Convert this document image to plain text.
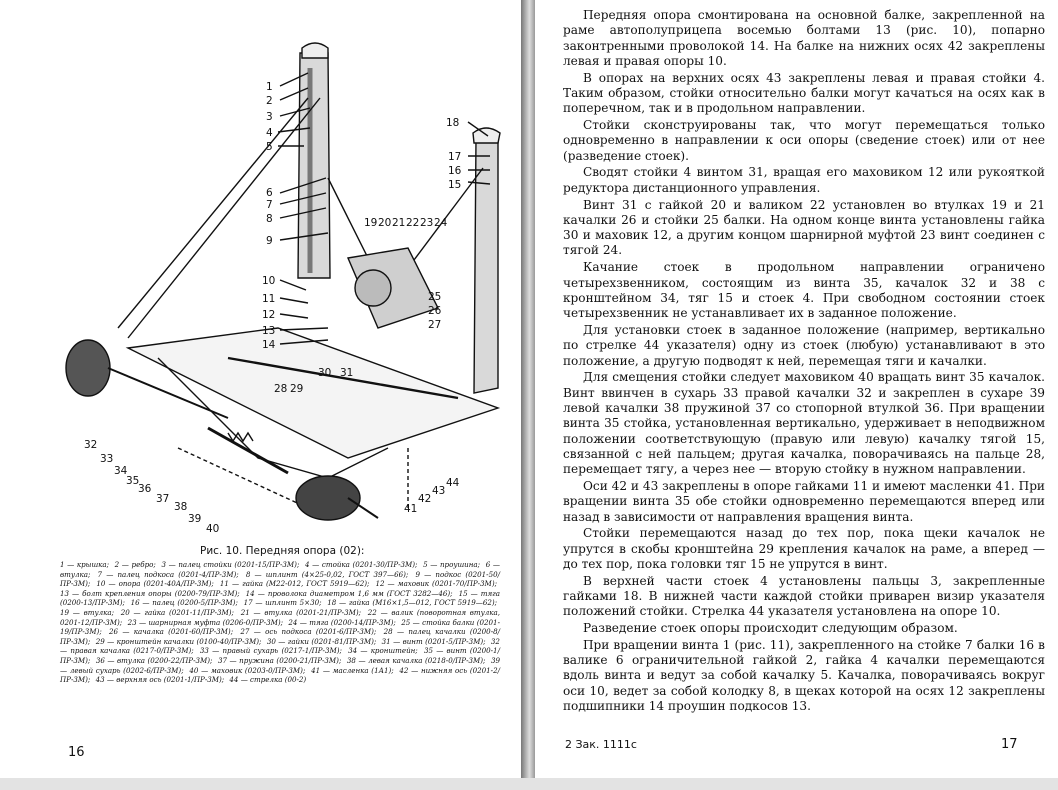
1
2
3
4
5
6
7
8
9
10
11
12
13
14
19 20 21 22 23 24
18
17
16
15
25
26
27
30 31
28 29
32
33
34
35
36
37
38
39
40
41
42
43
44
Рис. 10. Передняя опора (02):
1 — крышка; 2 — ребро; 3 — палец стойки (0201-15/ПР-3М); 4 — стойка (0201-30/ПР-3М); 5 — проушина; 6 — втулка; 7 — палец подкоса (0201-4/ПР-3М); 8 — шплинт (4×25-0,02, ГОСТ 397—66); 9 — подкос (0201-50/ПР-3М); 10 — опора (0201-40А/ПР-3М); 11 — гайка (М22-012, ГОСТ 5919—62); 12 — маховик (0201-70/ПР-3М); 13 — болт крепления опоры (0200-79/ПР-3М); 14 — проволока диаметром 1,6 мм (ГОСТ 3282—46); 15 — тяга (0200-13/ПР-3М); 16 — палец (0200-5/ПР-3М); 17 — шплинт 5×30; 18 — гайка (М16×1,5—012, ГОСТ 5919—62); 19 — втулка; 20 — гайка (0201-11/ПР-3М); 21 — втулка (0201-21/ПР-3М); 22 — валик (поворотная втулка, 0201-12/ПР-3М); 23 — шарнирная муфта (0206-0/ПР-3М); 24 — тяга (0200-14/ПР-3М); 25 — стойка балки (0201-19/ПР-3М); 26 — качалка (0201-60/ПР-3М); 27 — ось подкоса (0201-6/ПР-3М); 28 — палец качалки (0200-8/ПР-3М); 29 — кронштейн качалки (0100-40/ПР-3М); 30 — гайки (0201-81/ПР-3М); 31 — винт (0201-5/ПР-3М); 32 — правая качалка (0217-0/ПР-3М); 33 — правый сухарь (0217-1/ПР-3М); 34 — кронштейн; 35 — винт (0200-1/ПР-3М); 36 — втулка (0200-22/ПР-3М); 37 — пружина (0200-21/ПР-3М); 38 — левая качалка (0218-0/ПР-3М); 39 — левый сухарь (0202-6/ПР-3М); 40 — маховик (0203-0/ПР-3М); 41 — масленка (1А1); 42 — нижняя ось (0201-2/ПР-3М); 43 — верхняя ось (0201-1/ПР-3М); 44 — стрелка (00-2)
16

Передняя опора смонтирована на основной балке, закрепленной на раме автополуприцепа восемью болтами 13 (рис. 10), попарно законтренными проволокой 14. На балке на нижних осях 42 закреплены левая и правая опоры 10.

В опорах на верхних осях 43 закреплены левая и правая стойки 4. Таким образом, стойки относительно балки могут качаться на осях как в поперечном, так и в продольном направлении.

Стойки сконструированы так, что могут перемещаться только одновременно в направлении к оси опоры (сведение стоек) или от нее (разведение стоек).

Сводят стойки 4 винтом 31, вращая его маховиком 12 или рукояткой редуктора дистанционного управления.

Винт 31 с гайкой 20 и валиком 22 установлен во втулках 19 и 21 качалки 26 и стойки 25 балки. На одном конце винта установлены гайка 30 и маховик 12, а другим концом шарнирной муфтой 23 винт соединен с тягой 24.

Качание стоек в продольном направлении ограничено четырехзвенником, состоящим из винта 35, качалок 32 и 38 с кронштейном 34, тяг 15 и стоек 4. При свободном состоянии стоек четырехзвенник не устанавливает их в заданное положение.

Для установки стоек в заданное положение (например, вертикально по стрелке 44 указателя) одну из стоек (любую) устанавливают в это положение, а другую подводят к ней, перемещая тяги и качалки.

Для смещения стойки следует маховиком 40 вращать винт 35 качалок. Винт ввинчен в сухарь 33 правой качалки 32 и закреплен в сухаре 39 левой качалки 38 пружиной 37 со стопорной втулкой 36. При вращении винта 35 стойка, установленная вертикально, удерживает в неподвижном положении соответствующую (правую или левую) качалку тягой 15, связанной с ней пальцем; другая качалка, поворачиваясь на пальце 28, перемещает тягу, а через нее — вторую стойку в нужном направлении.

Оси 42 и 43 закреплены в опоре гайками 11 и имеют масленки 41. При вращении винта 35 обе стойки одновременно перемещаются вперед или назад в зависимости от направления вращения винта.

Стойки перемещаются назад до тех пор, пока щеки качалок не упрутся в скобы кронштейна 29 крепления качалок на раме, а вперед — до тех пор, пока головки тяг 15 не упрутся в винт.

В верхней части стоек 4 установлены пальцы 3, закрепленные гайками 18. В нижней части каждой стойки приварен визир указателя положений стойки. Стрелка 44 указателя установлена на опоре 10.

Разведение стоек опоры происходит следующим образом.

При вращении винта 1 (рис. 11), закрепленного на стойке 7 балки 16 в валике 6 ограничительной гайкой 2, гайка 4 качалки перемещаются вдоль винта и ведут за собой качалку 5. Качалка, поворачиваясь вокруг оси 10, ведет за собой колодку 8, в щеках которой на осях 12 закреплены подшипники 14 проушин подкосов 13.

2 Зак. 1111с	17
